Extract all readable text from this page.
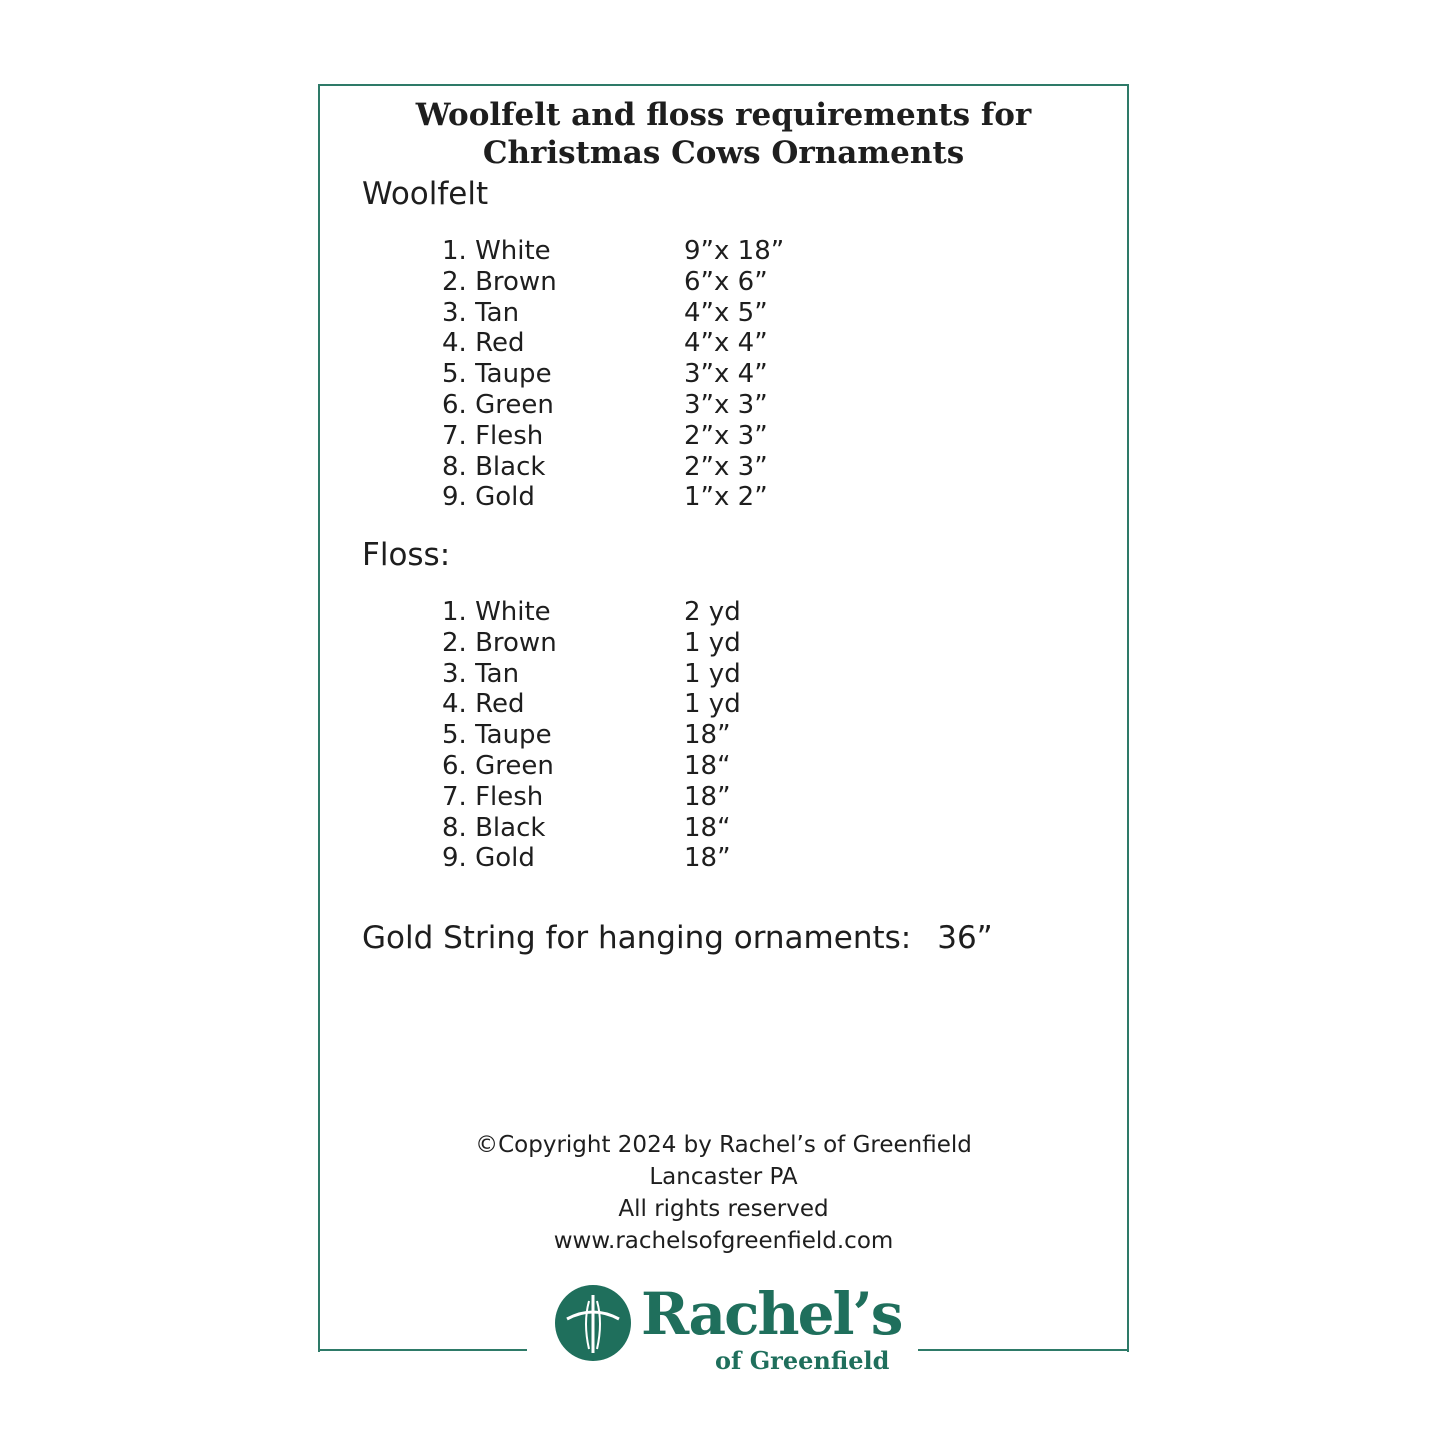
Woolfelt and floss requirements for
Christmas Cows Ornaments
Woolfelt
1. White	9”x 18”
2. Brown	6”x 6”
3. Tan	4”x 5”
4. Red	4”x 4”
5. Taupe	3”x 4”
6. Green	3”x 3”
7. Flesh	2”x 3”
8. Black	2”x 3”
9. Gold	1”x 2”
Floss:
1. White	2 yd
2. Brown	1 yd
3. Tan	1 yd
4. Red	1 yd
5. Taupe	18”
6. Green	18“
7. Flesh	18”
8. Black	18“
9. Gold	18”
Gold String for hanging ornaments: 36”
©Copyright 2024 by Rachel’s of Greenfield
Lancaster PA
All rights reserved
www.rachelsofgreenfield.com
Rachel’s
of Greenfield
